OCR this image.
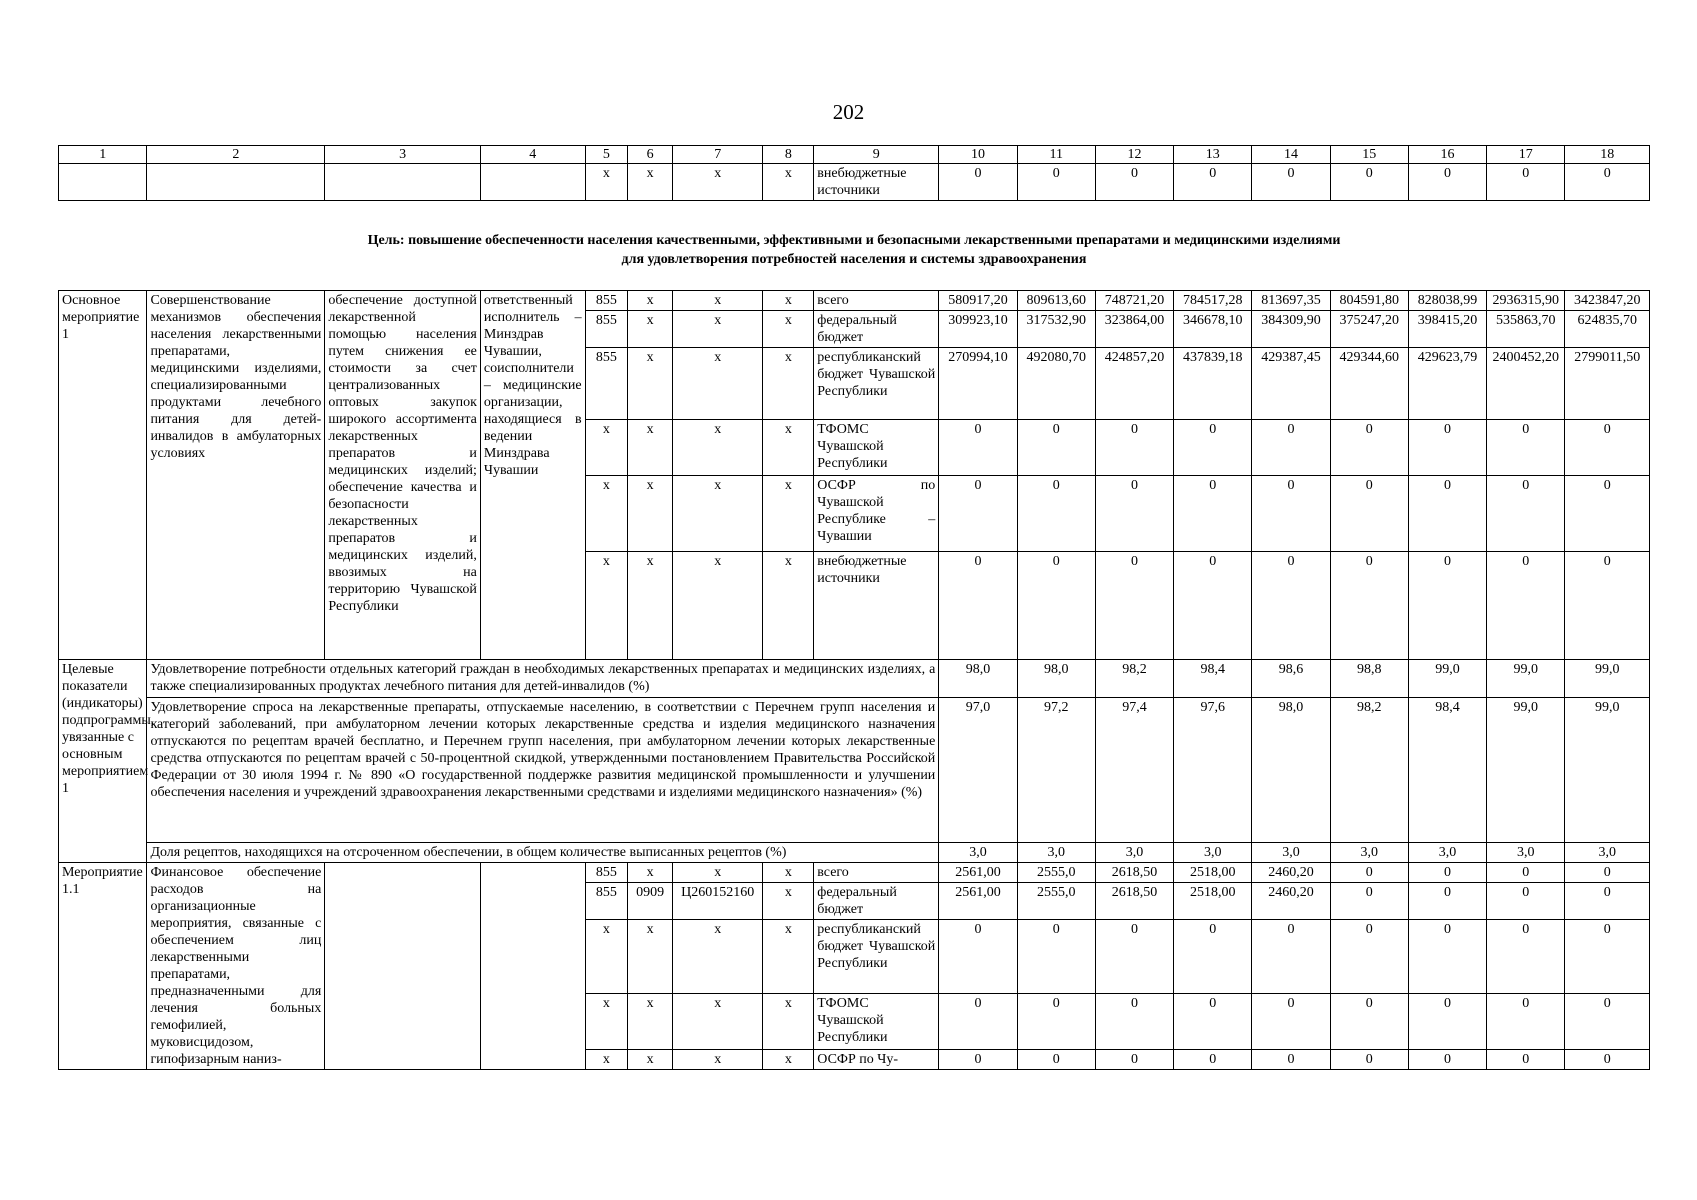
202
1	2	3	4	5	6	7	8	9	10	11	12	13	14	15	16	17	18
				х	х	х	х	внебюджетные источники	0	0	0	0	0	0	0	0	0
Цель: повышение обеспеченности населения качественными, эффективными и безопасными лекарственными препаратами и медицинскими изделиями
для удовлетворения потребностей населения и системы здравоохранения
Основное мероприятие 1	Совершенствование механизмов обеспечения населения лекарственными препаратами, медицинскими изделиями, специализированными продуктами лечебного питания для детей-инвалидов в амбулаторных условиях	обеспечение доступной лекарственной помощью населения путем снижения ее стоимости за счет централизованных оптовых закупок широкого ассортимента лекарственных препаратов и медицинских изделий; обеспечение качества и безопасности лекарственных препаратов и медицинских изделий, ввозимых на территорию Чувашской Республики	ответственный исполнитель – Минздрав Чувашии, соисполнители – медицинские организации, находящиеся в ведении Минздрава Чувашии	855	х	х	х	всего	580917,20	809613,60	748721,20	784517,28	813697,35	804591,80	828038,99	2936315,90	3423847,20
				855	х	х	х	федеральный бюджет	309923,10	317532,90	323864,00	346678,10	384309,90	375247,20	398415,20	535863,70	624835,70
				855	х	х	х	республиканский бюджет Чувашской Республики	270994,10	492080,70	424857,20	437839,18	429387,45	429344,60	429623,79	2400452,20	2799011,50
				х	х	х	х	ТФОМС Чувашской Республики	0	0	0	0	0	0	0	0	0
				х	х	х	х	ОСФР по Чувашской Республике – Чувашии	0	0	0	0	0	0	0	0	0
				х	х	х	х	внебюджетные источники	0	0	0	0	0	0	0	0	0
Целевые показатели (индикаторы) подпрограммы, увязанные с основным мероприятием 1	Удовлетворение потребности отдельных категорий граждан в необходимых лекарственных препаратах и медицинских изделиях, а также специализированных продуктах лечебного питания для детей-инвалидов (%)								98,0	98,0	98,2	98,4	98,6	98,8	99,0	99,0	99,0
	Удовлетворение спроса на лекарственные препараты, отпускаемые населению, в соответствии с Перечнем групп населения и категорий заболеваний, при амбулаторном лечении которых лекарственные средства и изделия медицинского назначения отпускаются по рецептам врачей бесплатно, и Перечнем групп населения, при амбулаторном лечении которых лекарственные средства отпускаются по рецептам врачей с 50-процентной скидкой, утвержденными постановлением Правительства Российской Федерации от 30 июля 1994 г. № 890 «О государственной поддержке развития медицинской промышленности и улучшении обеспечения населения и учреждений здравоохранения лекарственными средствами и изделиями медицинского назначения» (%)								97,0	97,2	97,4	97,6	98,0	98,2	98,4	99,0	99,0
	Доля рецептов, находящихся на отсроченном обеспечении, в общем количестве выписанных рецептов (%)								3,0	3,0	3,0	3,0	3,0	3,0	3,0	3,0	3,0
Мероприятие 1.1	Финансовое обеспечение расходов на организационные мероприятия, связанные с обеспечением лиц лекарственными препаратами, предназначенными для лечения больных гемофилией, муковисцидозом, гипофизарным наниз-			855	х	х	х	всего	2561,00	2555,0	2618,50	2518,00	2460,20	0	0	0	0
				855	0909	Ц260152160	х	федеральный бюджет	2561,00	2555,0	2618,50	2518,00	2460,20	0	0	0	0
				х	х	х	х	республиканский бюджет Чувашской Республики	0	0	0	0	0	0	0	0	0
				х	х	х	х	ТФОМС Чувашской Республики	0	0	0	0	0	0	0	0	0
				х	х	х	х	ОСФР по Чу-	0	0	0	0	0	0	0	0	0
